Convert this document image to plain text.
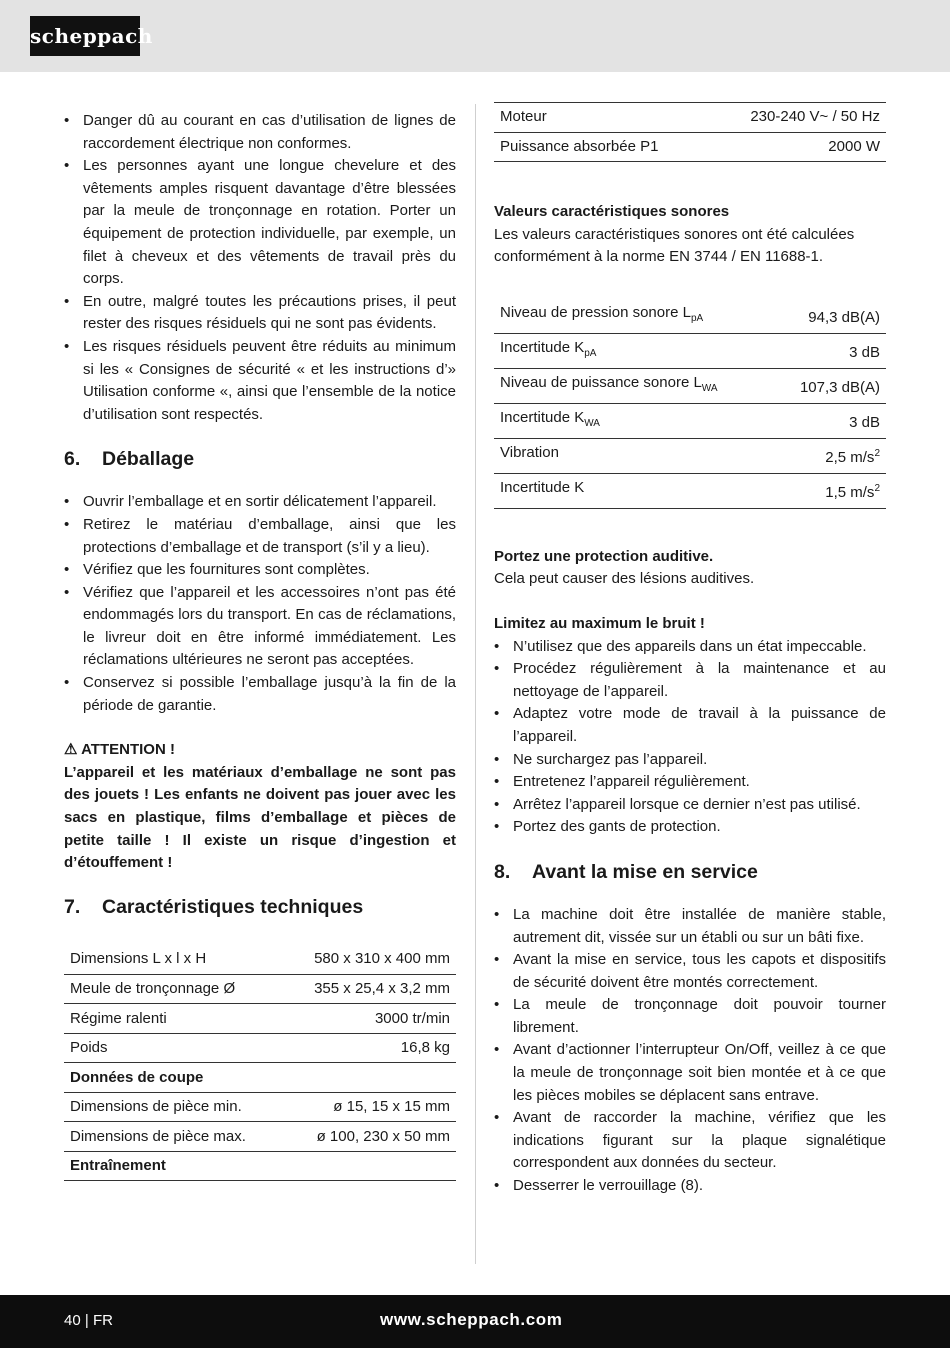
scheppach
• Danger dû au courant en cas d’utilisation de lignes de raccordement électrique non conformes.
• Les personnes ayant une longue chevelure et des vêtements amples risquent davantage d’être blessées par la meule de tronçonnage en rotation. Porter un équipement de protection individuelle, par exemple, un filet à cheveux et des vêtements de travail près du corps.
• En outre, malgré toutes les précautions prises, il peut rester des risques résiduels qui ne sont pas évidents.
• Les risques résiduels peuvent être réduits au minimum si les « Consignes de sécurité « et les instructions d’» Utilisation conforme «, ainsi que l’ensemble de la notice d’utilisation sont respectés.
6. Déballage
• Ouvrir l’emballage et en sortir délicatement l’appareil.
• Retirez le matériau d’emballage, ainsi que les protections d’emballage et de transport (s’il y a lieu).
• Vérifiez que les fournitures sont complètes.
• Vérifiez que l’appareil et les accessoires n’ont pas été endommagés lors du transport. En cas de réclamations, le livreur doit en être informé immédiatement. Les réclamations ultérieures ne seront pas acceptées.
• Conservez si possible l’emballage jusqu’à la fin de la période de garantie.
⚠ ATTENTION !
L’appareil et les matériaux d’emballage ne sont pas des jouets ! Les enfants ne doivent pas jouer avec les sacs en plastique, films d’emballage et pièces de petite taille ! Il existe un risque d’ingestion et d’étouffement !
7. Caractéristiques techniques
Dimensions L x l x H	580 x 310 x 400 mm
Meule de tronçonnage Ø	355 x 25,4 x 3,2 mm
Régime ralenti	3000 tr/min
Poids	16,8 kg
Données de coupe	
Dimensions de pièce min.	ø 15, 15 x 15 mm
Dimensions de pièce max.	ø 100, 230 x 50 mm
Entraînement	
Moteur	230-240 V~ / 50 Hz
Puissance absorbée P1	2000 W
Valeurs caractéristiques sonores
Les valeurs caractéristiques sonores ont été calculées conformément à la norme EN 3744 / EN 11688-1.
Niveau de pression sonore $L_{pA}$	94,3 dB(A)
Incertitude $K_{pA}$	3 dB
Niveau de puissance sonore $L_{WA}$	107,3 dB(A)
Incertitude $K_{WA}$	3 dB
Vibration	2,5 $m/s^2$
Incertitude K	1,5 $m/s^2$
Portez une protection auditive.
Cela peut causer des lésions auditives.
Limitez au maximum le bruit !
• N’utilisez que des appareils dans un état impeccable.
• Procédez régulièrement à la maintenance et au nettoyage de l’appareil.
• Adaptez votre mode de travail à la puissance de l’appareil.
• Ne surchargez pas l’appareil.
• Entretenez l’appareil régulièrement.
• Arrêtez l’appareil lorsque ce dernier n’est pas utilisé.
• Portez des gants de protection.
8. Avant la mise en service
• La machine doit être installée de manière stable, autrement dit, vissée sur un établi ou sur un bâti fixe.
• Avant la mise en service, tous les capots et dispositifs de sécurité doivent être montés correctement.
• La meule de tronçonnage doit pouvoir tourner librement.
• Avant d’actionner l’interrupteur On/Off, veillez à ce que la meule de tronçonnage soit bien montée et à ce que les pièces mobiles se déplacent sans entrave.
• Avant de raccorder la machine, vérifiez que les indications figurant sur la plaque signalétique correspondent aux données du secteur.
• Desserrer le verrouillage (8).
40 | FR	www.scheppach.com
